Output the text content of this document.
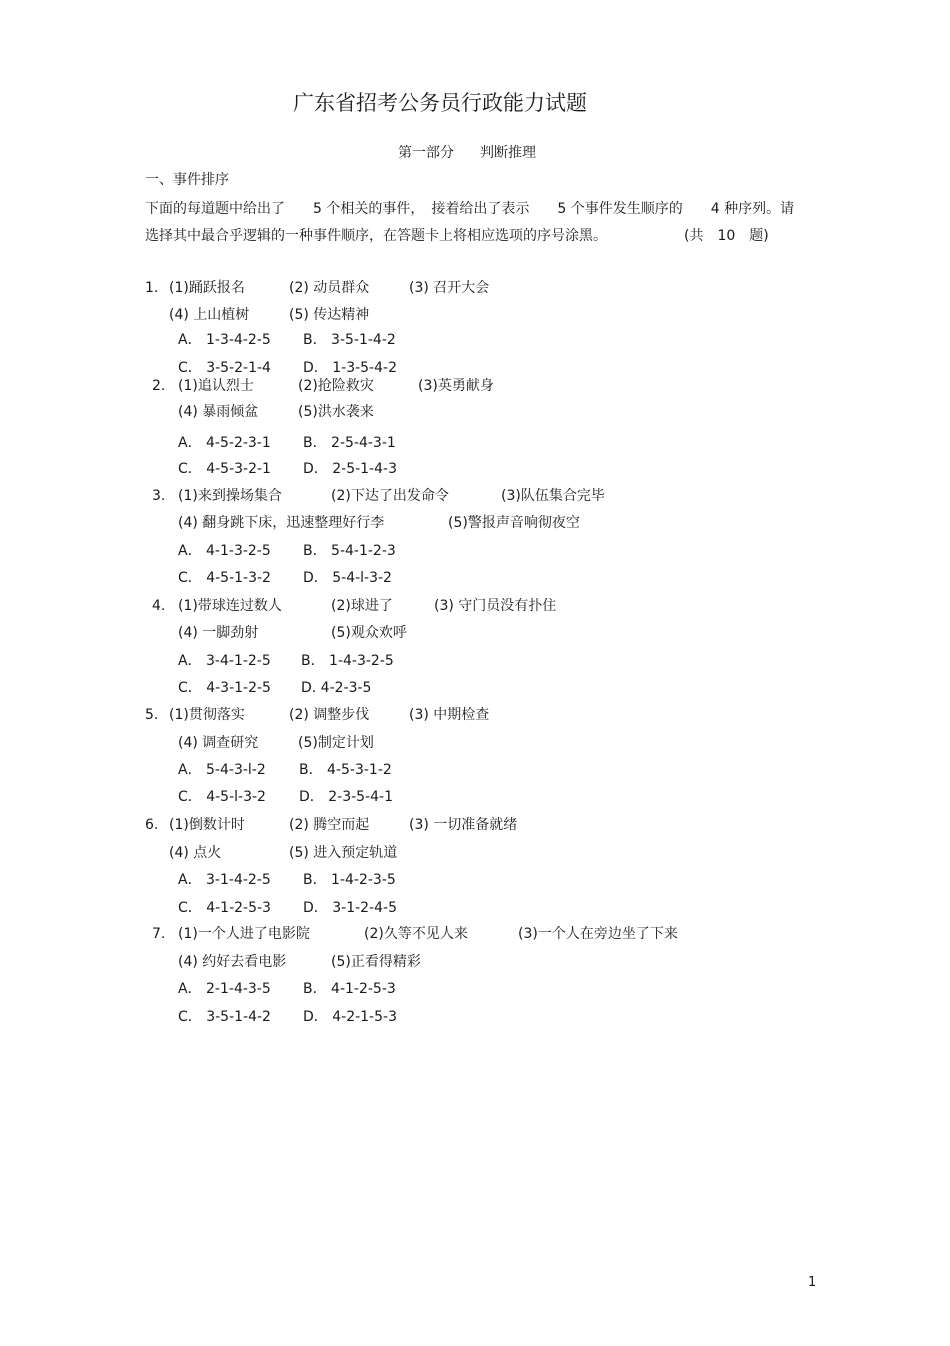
广东省招考公务员行政能力试题
第一部分 判断推理
一、事件排序
下面的每道题中给出了　　5 个相关的事件，　接着给出了表示　　5 个事件发生顺序的　　4 种序列。请
选择其中最合乎逻辑的一种事件顺序，在答题卡上将相应选项的序号涂黑。　　　　　　(共　10　题)
1. (1)踊跃报名	(2) 动员群众	(3) 召开大会
(4) 上山植树	(5) 传达精神
A． 1-3-4-2-5 B． 3-5-1-4-2
C． 3-5-2-1-4 D． 1-3-5-4-2
2. (1)追认烈士	(2)抢险救灾	(3)英勇献身
(4) 暴雨倾盆	(5)洪水袭来
A． 4-5-2-3-1 B． 2-5-4-3-1
C． 4-5-3-2-1 D． 2-5-1-4-3
3. (1)来到操场集合	(2)下达了出发命令	(3)队伍集合完毕
(4) 翻身跳下床，迅速整理好行李	(5)警报声音响彻夜空
A． 4-1-3-2-5 B． 5-4-1-2-3
C． 4-5-1-3-2 D． 5-4-l-3-2
4. (1)带球连过数人	(2)球进了	(3) 守门员没有扑住
(4) 一脚劲射	(5)观众欢呼
A． 3-4-1-2-5 B． 1-4-3-2-5
C． 4-3-1-2-5 D. 4-2-3-5
5. (1)贯彻落实	(2) 调整步伐	(3) 中期检查
(4) 调查研究	(5)制定计划
A． 5-4-3-l-2 B． 4-5-3-1-2
C． 4-5-l-3-2 D． 2-3-5-4-1
6. (1)倒数计时	(2) 腾空而起	(3) 一切准备就绪
(4) 点火	(5) 进入预定轨道
A． 3-1-4-2-5 B． 1-4-2-3-5
C． 4-1-2-5-3 D． 3-1-2-4-5
7. (1)一个人进了电影院	(2)久等不见人来	(3)一个人在旁边坐了下来
(4) 约好去看电影	(5)正看得精彩
A． 2-1-4-3-5 B． 4-1-2-5-3
C． 3-5-1-4-2 D． 4-2-1-5-3
1
